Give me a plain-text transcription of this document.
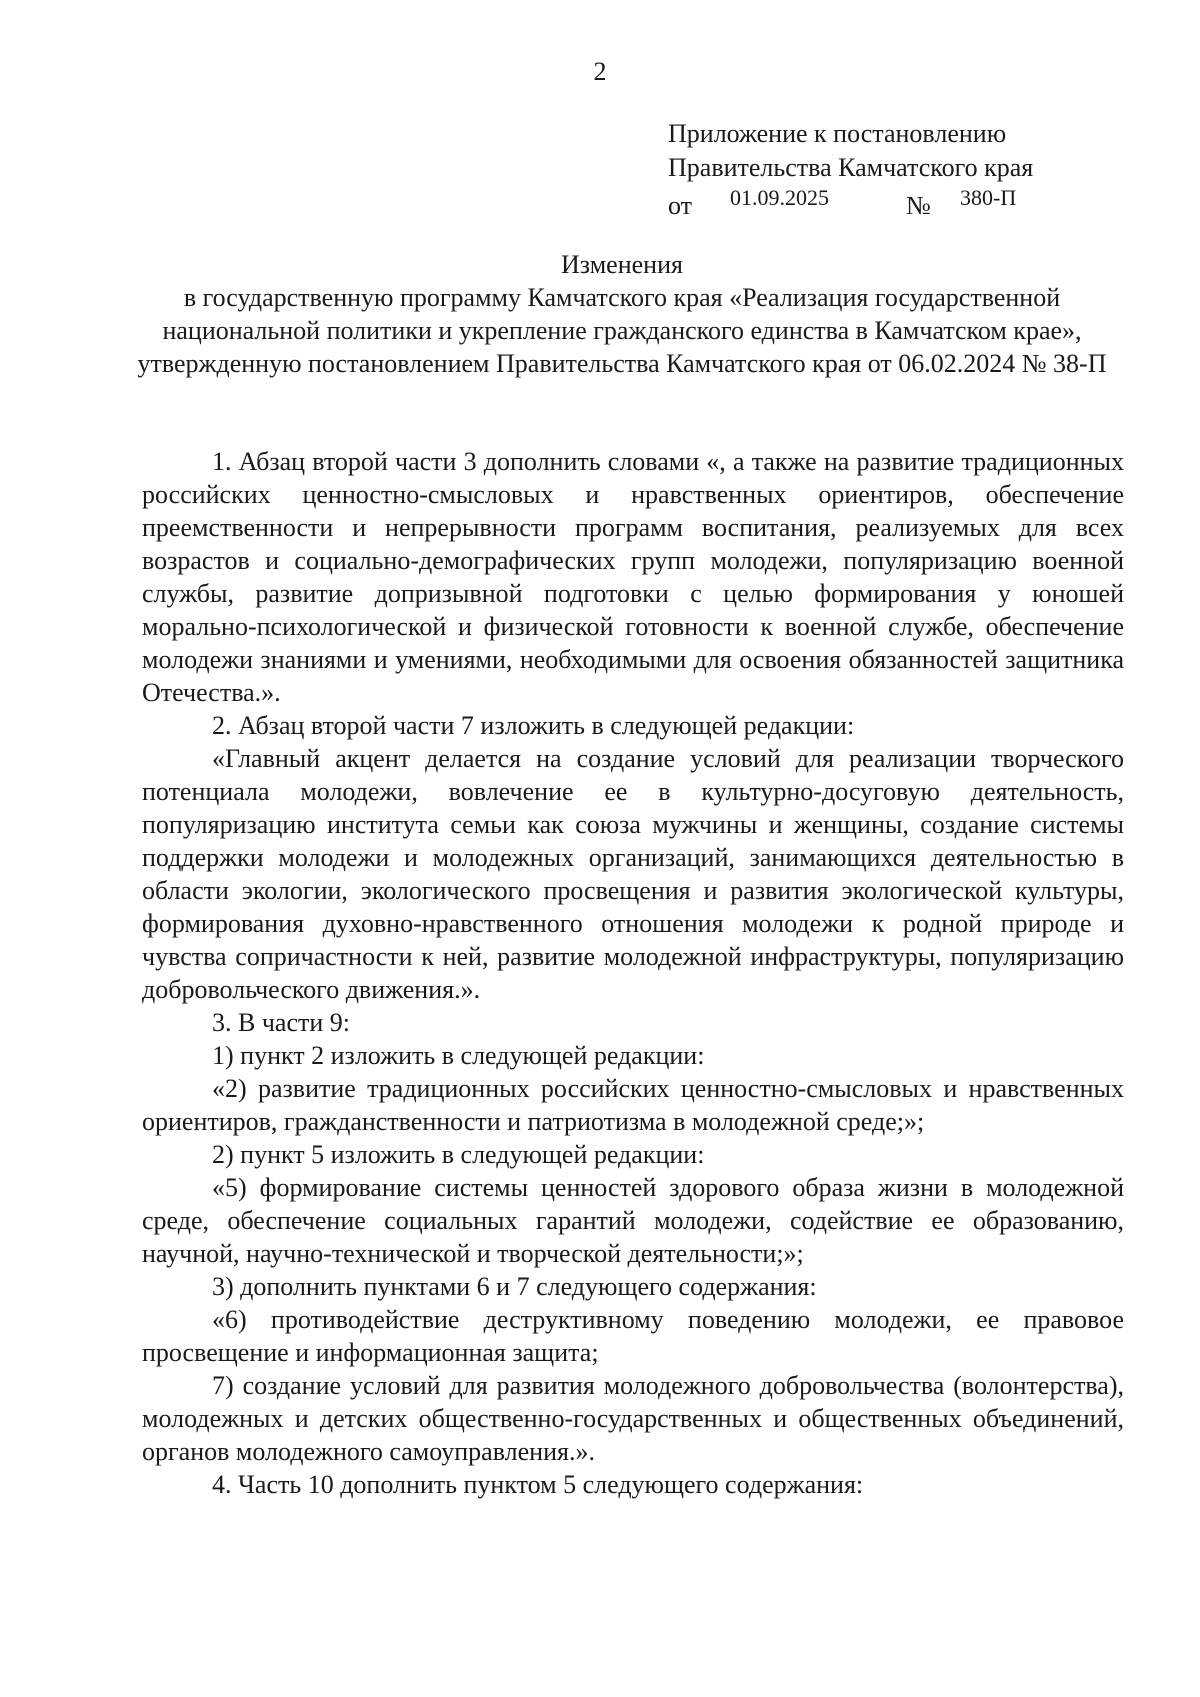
2
Приложение к постановлению
Правительства Камчатского края
от 01.09.2025	№ 380-П
Изменения
в государственную программу Камчатского края «Реализация государственной национальной политики и укрепление гражданского единства в Камчатском крае», утвержденную постановлением Правительства Камчатского края от 06.02.2024 № 38-П

1. Абзац второй части 3 дополнить словами «, а также на развитие традиционных российских ценностно-смысловых и нравственных ориентиров, обеспечение преемственности и непрерывности программ воспитания, реализуемых для всех возрастов и социально-демографических групп молодежи, популяризацию военной службы, развитие допризывной подготовки с целью формирования у юношей морально-психологической и физической готовности к военной службе, обеспечение молодежи знаниями и умениями, необходимыми для освоения обязанностей защитника Отечества.».

2. Абзац второй части 7 изложить в следующей редакции:

«Главный акцент делается на создание условий для реализации творческого потенциала молодежи, вовлечение ее в культурно-досуговую деятельность, популяризацию института семьи как союза мужчины и женщины, создание системы поддержки молодежи и молодежных организаций, занимающихся деятельностью в области экологии, экологического просвещения и развития экологической культуры, формирования духовно-нравственного отношения молодежи к родной природе и чувства сопричастности к ней, развитие молодежной инфраструктуры, популяризацию добровольческого движения.».

3. В части 9:

1) пункт 2 изложить в следующей редакции:

«2) развитие традиционных российских ценностно-смысловых и нравственных ориентиров, гражданственности и патриотизма в молодежной среде;»;

2) пункт 5 изложить в следующей редакции:

«5) формирование системы ценностей здорового образа жизни в молодежной среде, обеспечение социальных гарантий молодежи, содействие ее образованию, научной, научно-технической и творческой деятельности;»;

3) дополнить пунктами 6 и 7 следующего содержания:

«6) противодействие деструктивному поведению молодежи, ее правовое просвещение и информационная защита;

7) создание условий для развития молодежного добровольчества (волонтерства), молодежных и детских общественно-государственных и общественных объединений, органов молодежного самоуправления.».

4. Часть 10 дополнить пунктом 5 следующего содержания:
